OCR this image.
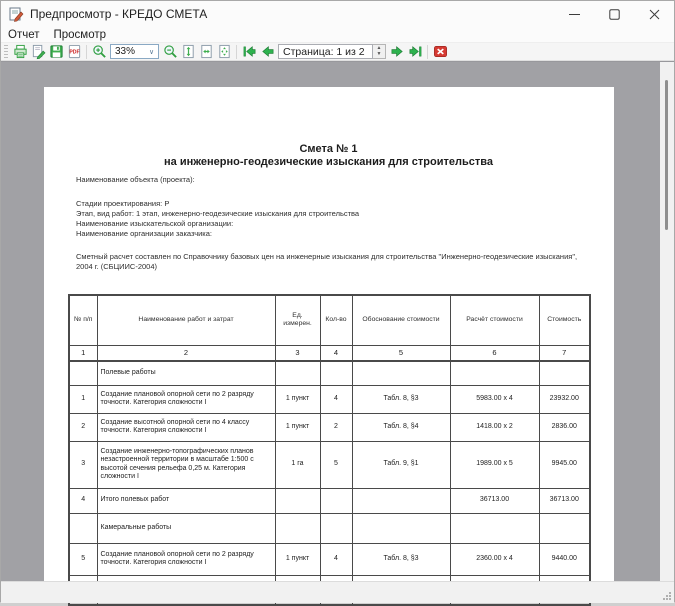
Предпросмотр - КРЕДО СМЕТА
Отчет	Просмотр
PDF
33%	∨
Страница: 1 из 2
▲
▼
Смета № 1
на инженерно-геодезические изыскания для строительства
Наименование объекта (проекта):
Стадии проектирования: Р
Этап, вид работ: 1 этап, инженерно-геодезические изыскания для строительства
Наименование изыскательской организации:
Наименование организации заказчика:
Сметный расчет составлен по Справочнику базовых цен на инженерные изыскания для строительства "Инженерно-геодезические изыскания", 2004 г. (СБЦИИС-2004)
№ п/п	Наименование работ и затрат	Ед. измерен.	Кол-во	Обоснование стоимости	Расчёт стоимости	Стоимость
1	2	3	4	5	6	7
	Полевые работы					
1	Создание плановой опорной сети по 2 разряду точности. Категория сложности I	1 пункт	4	Табл. 8, §3	5983.00 x 4	23932.00
2	Создание высотной опорной сети по 4 классу точности. Категория сложности I	1 пункт	2	Табл. 8, §4	1418.00 x 2	2836.00
3	Создание инженерно-топографических планов незастроенной территории в масштабе 1:500 с высотой сечения рельефа 0,25 м. Категория сложности I	1 га	5	Табл. 9, §1	1989.00 x 5	9945.00
4	Итого полевых работ				36713.00	36713.00
	Камеральные работы					
5	Создание плановой опорной сети по 2 разряду точности. Категория сложности I	1 пункт	4	Табл. 8, §3	2360.00 x 4	9440.00
